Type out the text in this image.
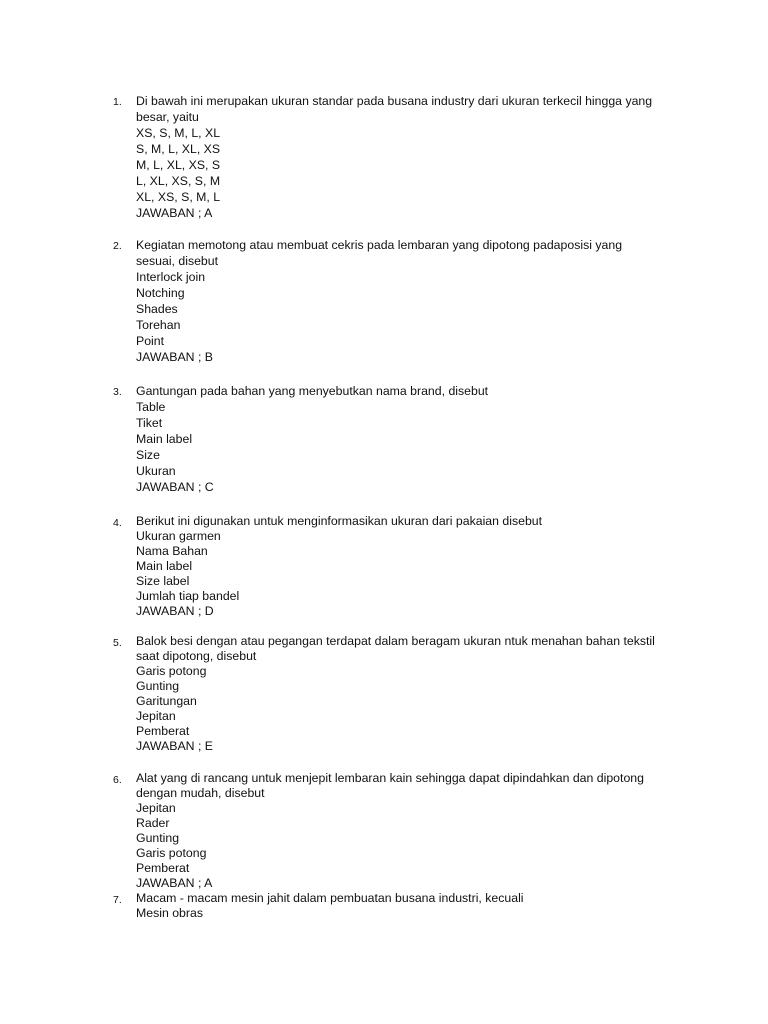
1. Di bawah ini merupakan ukuran standar pada busana industry dari ukuran terkecil hingga yang
besar, yaitu
XS, S, M, L, XL
S, M, L, XL, XS
M, L, XL, XS, S
L, XL, XS, S, M
XL, XS, S, M, L
JAWABAN ; A
2. Kegiatan memotong atau membuat cekris pada lembaran yang dipotong padaposisi yang
sesuai, disebut
Interlock join
Notching
Shades
Torehan
Point
JAWABAN ; B
3. Gantungan pada bahan yang menyebutkan nama brand, disebut
Table
Tiket
Main label
Size
Ukuran
JAWABAN ; C
4. Berikut ini digunakan untuk menginformasikan ukuran dari pakaian disebut
Ukuran garmen
Nama Bahan
Main label
Size label
Jumlah tiap bandel
JAWABAN ; D
5. Balok besi dengan atau pegangan terdapat dalam beragam ukuran ntuk menahan bahan tekstil
saat dipotong, disebut
Garis potong
Gunting
Garitungan
Jepitan
Pemberat
JAWABAN ; E
6. Alat yang di rancang untuk menjepit lembaran kain sehingga dapat dipindahkan dan dipotong
dengan mudah, disebut
Jepitan
Rader
Gunting
Garis potong
Pemberat
JAWABAN ; A
7. Macam - macam mesin jahit dalam pembuatan busana industri, kecuali
Mesin obras
